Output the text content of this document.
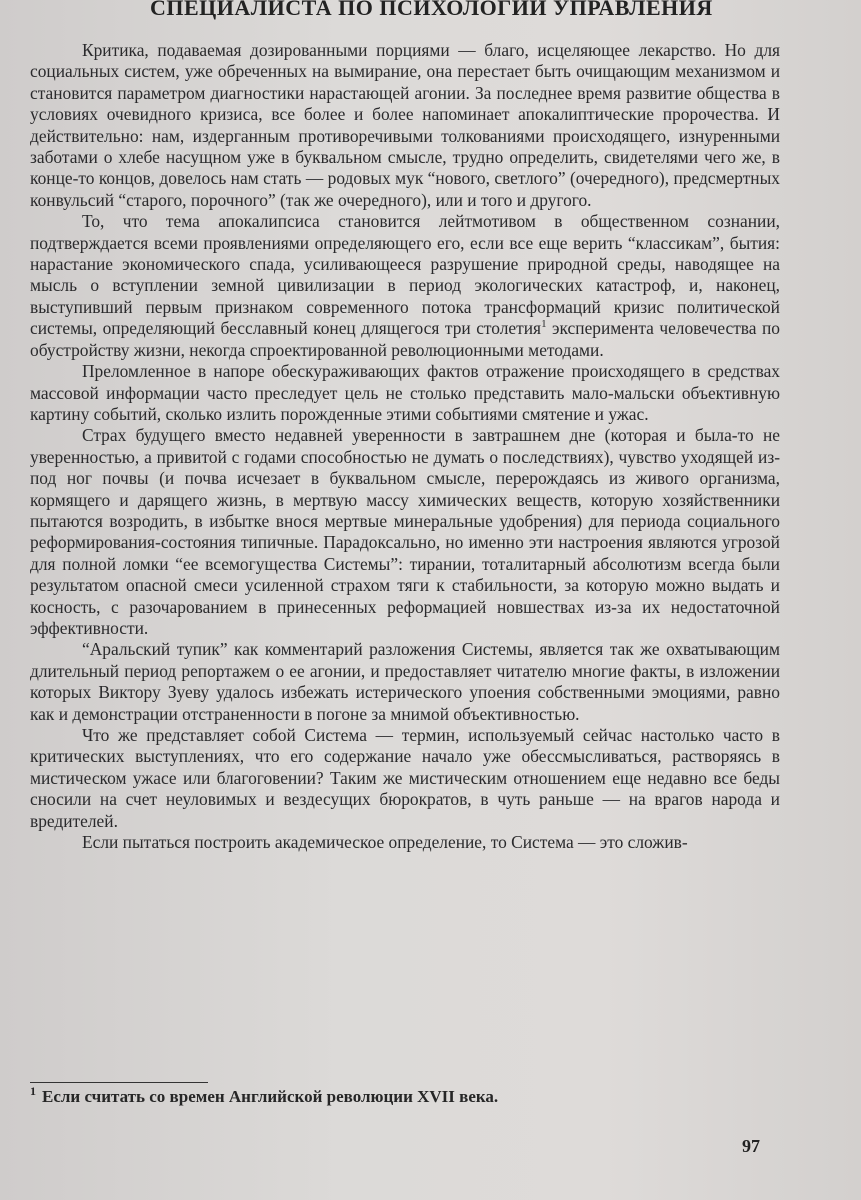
СПЕЦИАЛИСТА ПО ПСИХОЛОГИИ УПРАВЛЕНИЯ

Критика, подаваемая дозированными порциями — благо, исцеляющее лекарство. Но для социальных систем, уже обреченных на вымирание, она перестает быть очищающим механизмом и становится параметром диагностики нарастающей агонии. За последнее время развитие общества в условиях очевидного кризиса, все более и более напоминает апокалиптические пророчества. И действительно: нам, издерганным противоречивыми толкованиями происходящего, изнуренными заботами о хлебе насущном уже в буквальном смысле, трудно определить, свидетелями чего же, в конце-то концов, довелось нам стать — родовых мук “нового, светлого” (очередного), предсмертных конвульсий “старого, порочного” (так же очередного), или и того и другого.

То, что тема апокалипсиса становится лейтмотивом в общественном сознании, подтверждается всеми проявлениями определяющего его, если все еще верить “классикам”, бытия: нарастание экономического спада, усиливающееся разрушение природной среды, наводящее на мысль о вступлении земной цивилизации в период экологических катастроф, и, наконец, выступивший первым признаком современного потока трансформаций кризис политической системы, определяющий бесславный конец длящегося три столетия$^1$ эксперимента человечества по обустройству жизни, некогда спроектированной революционными методами.

Преломленное в напоре обескураживающих фактов отражение происходящего в средствах массовой информации часто преследует цель не столько представить мало-мальски объективную картину событий, сколько излить порожденные этими событиями смятение и ужас.

Страх будущего вместо недавней уверенности в завтрашнем дне (которая и была-то не уверенностью, а привитой с годами способностью не думать о последствиях), чувство уходящей из-под ног почвы (и почва исчезает в буквальном смысле, перерождаясь из живого организма, кормящего и дарящего жизнь, в мертвую массу химических веществ, которую хозяйственники пытаются возродить, в избытке внося мертвые минеральные удобрения) для периода социального реформирования-состояния типичные. Парадоксально, но именно эти настроения являются угрозой для полной ломки “ее всемогущества Системы”: тирании, тоталитарный абсолютизм всегда были результатом опасной смеси усиленной страхом тяги к стабильности, за которую можно выдать и косность, с разочарованием в принесенных реформацией новшествах из-за их недостаточной эффективности.

“Аральский тупик” как комментарий разложения Системы, является так же охватывающим длительный период репортажем о ее агонии, и предоставляет читателю многие факты, в изложении которых Виктору Зуеву удалось избежать истерического упоения собственными эмоциями, равно как и демонстрации отстраненности в погоне за мнимой объективностью.

Что же представляет собой Система — термин, используемый сейчас настолько часто в критических выступлениях, что его содержание начало уже обессмысливаться, растворяясь в мистическом ужасе или благоговении? Таким же мистическим отношением еще недавно все беды сносили на счет неуловимых и вездесущих бюрократов, в чуть раньше — на врагов народа и вредителей.

Если пытаться построить академическое определение, то Система — это сложив-

$^1$ Если считать со времен Английской революции XVII века.
97
